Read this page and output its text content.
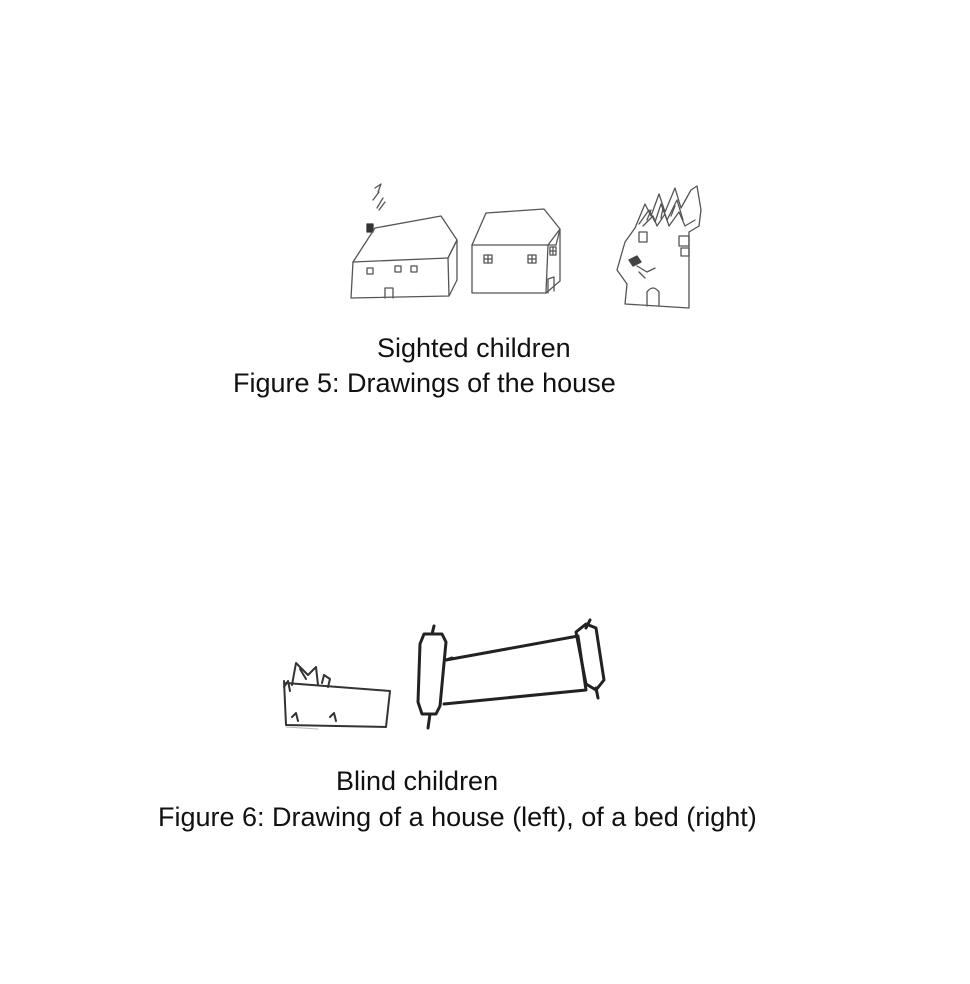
Sighted children
Figure 5: Drawings of the house
Blind children
Figure 6: Drawing of a house (left), of a bed (right)
